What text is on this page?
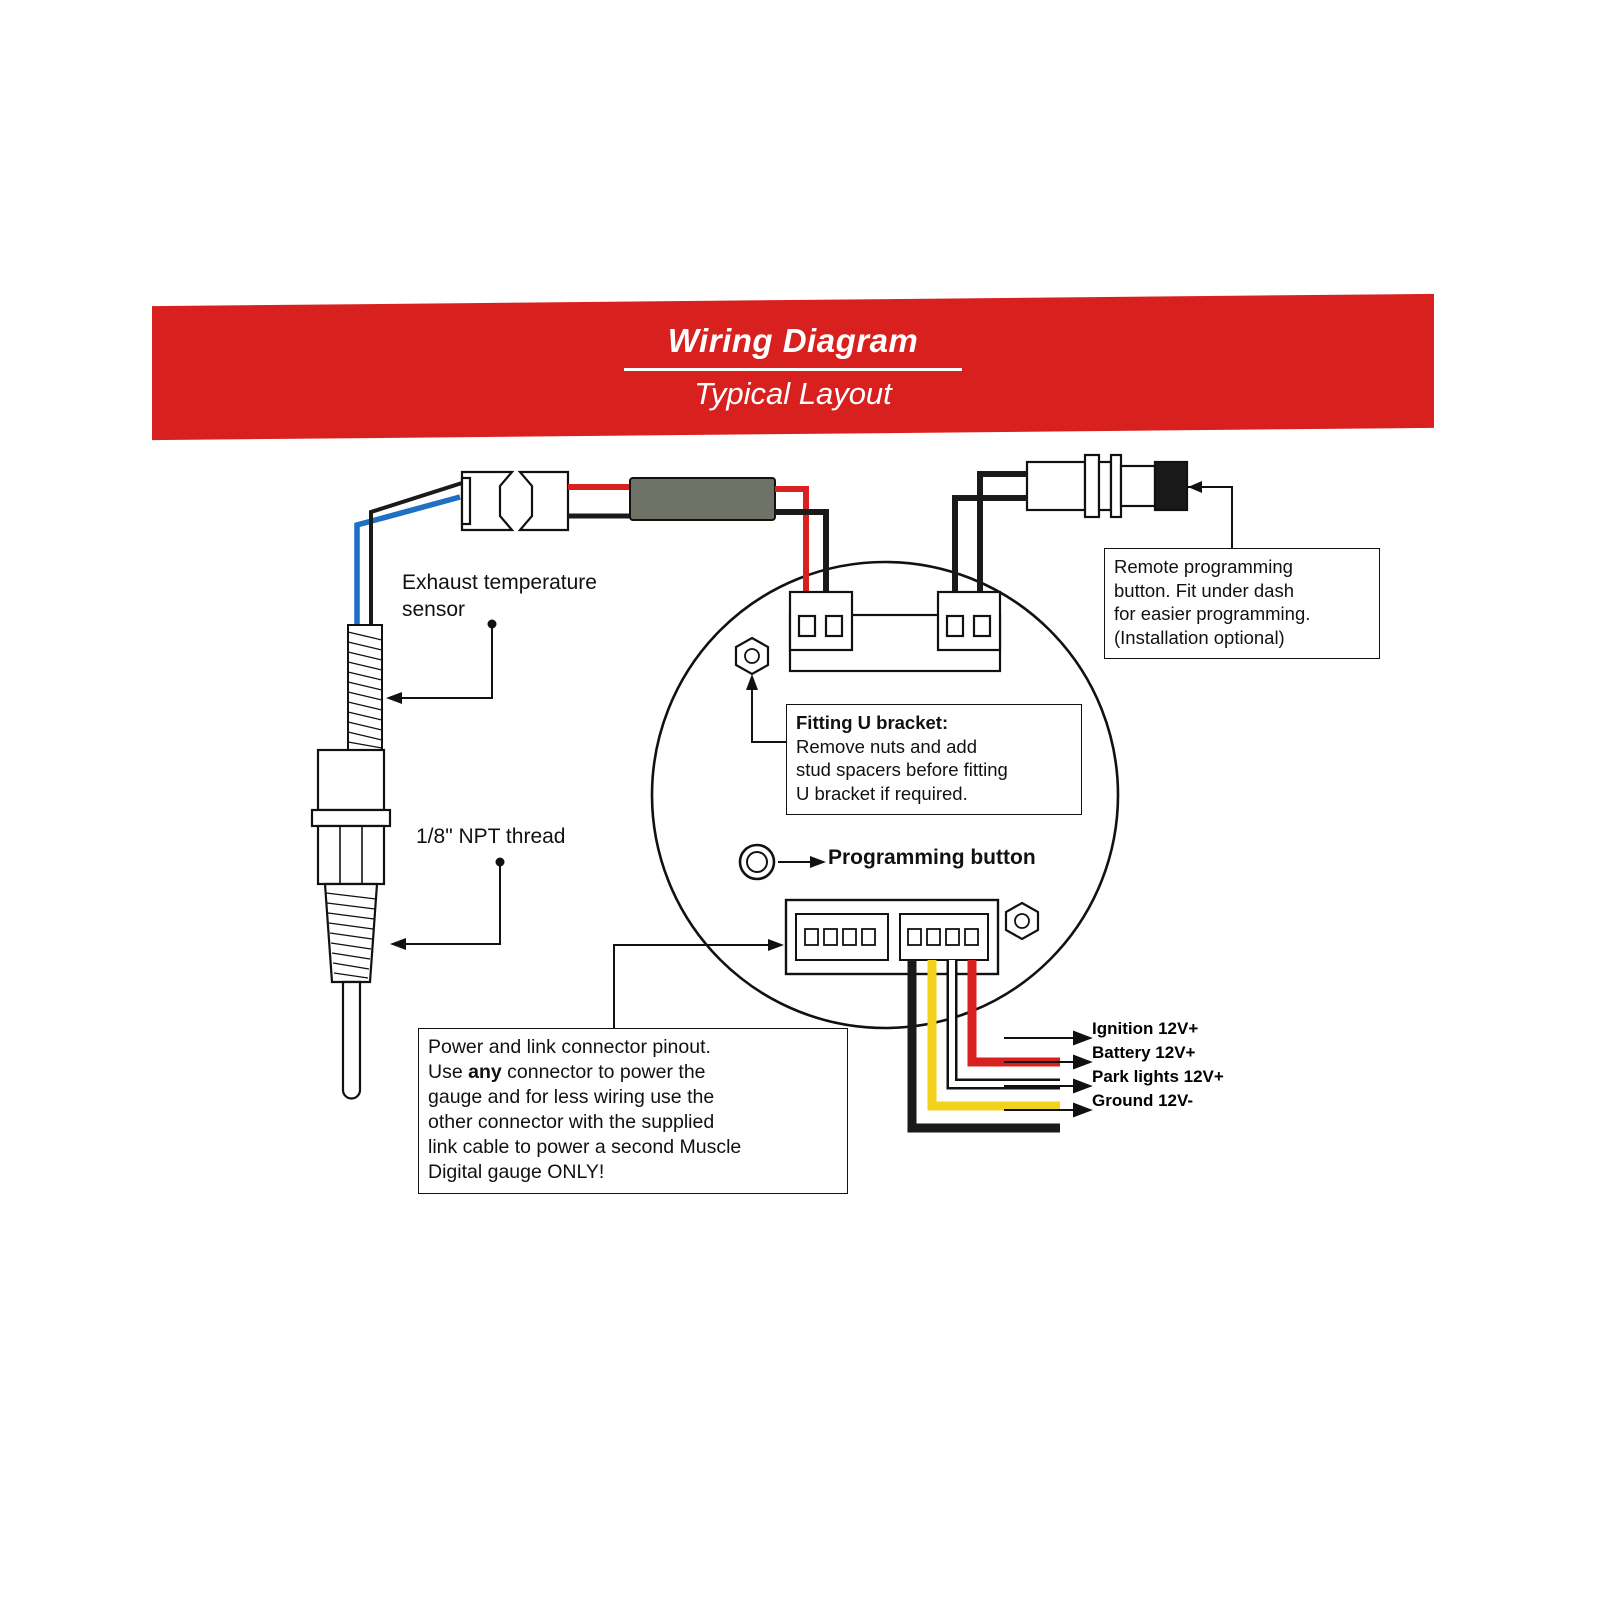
Wiring Diagram
Typical Layout
Exhaust temperature sensor
1/8" NPT thread
Programming button
Remote programming
button. Fit under dash
for easier programming.
(Installation optional)
Fitting U bracket:
Remove nuts and add
stud spacers before fitting
U bracket if required.
Power and link connector pinout.
Use any connector to power the
gauge and for less wiring use the
other connector with the supplied
link cable to power a second Muscle
Digital gauge ONLY!
Ignition 12V+
Battery 12V+
Park lights 12V+
Ground 12V-
